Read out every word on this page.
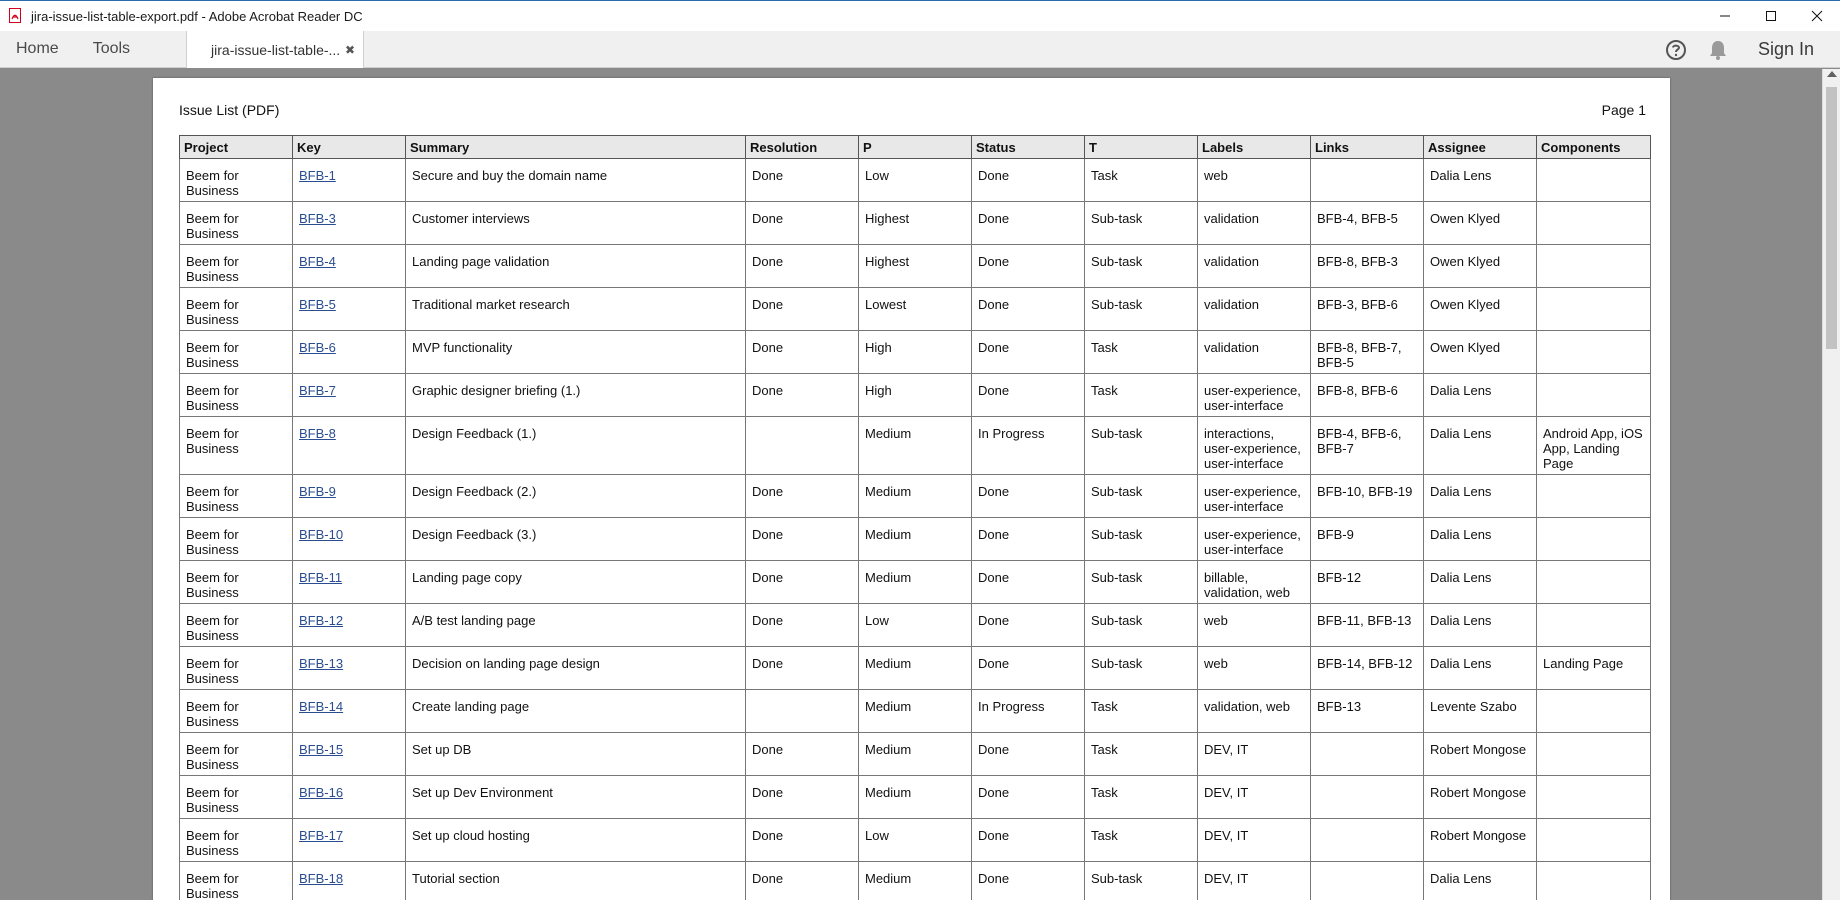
jira-issue-list-table-export.pdf - Adobe Acrobat Reader DC
Home	Tools	jira-issue-list-table-... ✖	Sign In
Issue List (PDF)	Page 1
Project	Key	Summary	Resolution	P	Status	T	Labels	Links	Assignee	Components
Beem for Business	BFB-1	Secure and buy the domain name	Done	Low	Done	Task	web		Dalia Lens	
Beem for Business	BFB-3	Customer interviews	Done	Highest	Done	Sub-task	validation	BFB-4, BFB-5	Owen Klyed	
Beem for Business	BFB-4	Landing page validation	Done	Highest	Done	Sub-task	validation	BFB-8, BFB-3	Owen Klyed	
Beem for Business	BFB-5	Traditional market research	Done	Lowest	Done	Sub-task	validation	BFB-3, BFB-6	Owen Klyed	
Beem for Business	BFB-6	MVP functionality	Done	High	Done	Task	validation	BFB-8, BFB-7, BFB-5	Owen Klyed	
Beem for Business	BFB-7	Graphic designer briefing (1.)	Done	High	Done	Task	user-experience, user-interface	BFB-8, BFB-6	Dalia Lens	
Beem for Business	BFB-8	Design Feedback (1.)		Medium	In Progress	Sub-task	interactions, user-experience, user-interface	BFB-4, BFB-6, BFB-7	Dalia Lens	Android App, iOS App, Landing Page
Beem for Business	BFB-9	Design Feedback (2.)	Done	Medium	Done	Sub-task	user-experience, user-interface	BFB-10, BFB-19	Dalia Lens	
Beem for Business	BFB-10	Design Feedback (3.)	Done	Medium	Done	Sub-task	user-experience, user-interface	BFB-9	Dalia Lens	
Beem for Business	BFB-11	Landing page copy	Done	Medium	Done	Sub-task	billable, validation, web	BFB-12	Dalia Lens	
Beem for Business	BFB-12	A/B test landing page	Done	Low	Done	Sub-task	web	BFB-11, BFB-13	Dalia Lens	
Beem for Business	BFB-13	Decision on landing page design	Done	Medium	Done	Sub-task	web	BFB-14, BFB-12	Dalia Lens	Landing Page
Beem for Business	BFB-14	Create landing page		Medium	In Progress	Task	validation, web	BFB-13	Levente Szabo	
Beem for Business	BFB-15	Set up DB	Done	Medium	Done	Task	DEV, IT		Robert Mongose	
Beem for Business	BFB-16	Set up Dev Environment	Done	Medium	Done	Task	DEV, IT		Robert Mongose	
Beem for Business	BFB-17	Set up cloud hosting	Done	Low	Done	Task	DEV, IT		Robert Mongose	
Beem for Business	BFB-18	Tutorial section	Done	Medium	Done	Sub-task	DEV, IT		Dalia Lens	
